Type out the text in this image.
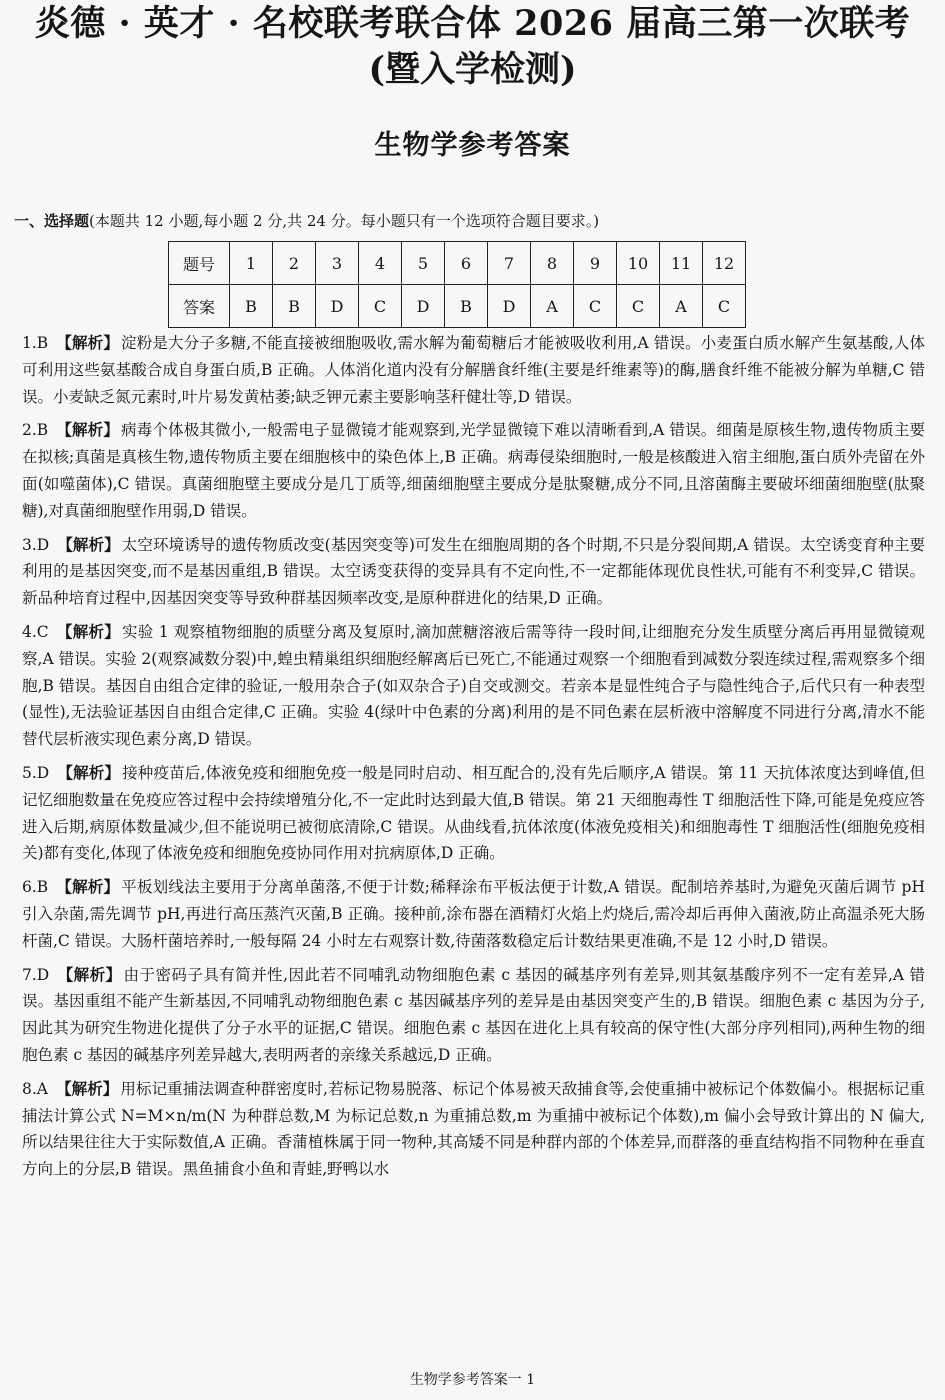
炎德 · 英才 · 名校联考联合体 2026 届高三第一次联考
(暨入学检测)
生物学参考答案
一、选择题(本题共 12 小题,每小题 2 分,共 24 分。每小题只有一个选项符合题目要求。)
题号	1	2	3	4	5	6	7	8	9	10	11	12
答案	B	B	D	C	D	B	D	A	C	C	A	C

1.B 【解析】 淀粉是大分子多糖,不能直接被细胞吸收,需水解为葡萄糖后才能被吸收利用,A 错误。小麦蛋白质水解产生氨基酸,人体可利用这些氨基酸合成自身蛋白质,B 正确。人体消化道内没有分解膳食纤维(主要是纤维素等)的酶,膳食纤维不能被分解为单糖,C 错误。小麦缺乏氮元素时,叶片易发黄枯萎;缺乏钾元素主要影响茎秆健壮等,D 错误。

2.B 【解析】 病毒个体极其微小,一般需电子显微镜才能观察到,光学显微镜下难以清晰看到,A 错误。细菌是原核生物,遗传物质主要在拟核;真菌是真核生物,遗传物质主要在细胞核中的染色体上,B 正确。病毒侵染细胞时,一般是核酸进入宿主细胞,蛋白质外壳留在外面(如噬菌体),C 错误。真菌细胞壁主要成分是几丁质等,细菌细胞壁主要成分是肽聚糖,成分不同,且溶菌酶主要破坏细菌细胞壁(肽聚糖),对真菌细胞壁作用弱,D 错误。

3.D 【解析】 太空环境诱导的遗传物质改变(基因突变等)可发生在细胞周期的各个时期,不只是分裂间期,A 错误。太空诱变育种主要利用的是基因突变,而不是基因重组,B 错误。太空诱变获得的变异具有不定向性,不一定都能体现优良性状,可能有不利变异,C 错误。新品种培育过程中,因基因突变等导致种群基因频率改变,是原种群进化的结果,D 正确。

4.C 【解析】 实验 1 观察植物细胞的质壁分离及复原时,滴加蔗糖溶液后需等待一段时间,让细胞充分发生质壁分离后再用显微镜观察,A 错误。实验 2(观察减数分裂)中,蝗虫精巢组织细胞经解离后已死亡,不能通过观察一个细胞看到减数分裂连续过程,需观察多个细胞,B 错误。基因自由组合定律的验证,一般用杂合子(如双杂合子)自交或测交。若亲本是显性纯合子与隐性纯合子,后代只有一种表型(显性),无法验证基因自由组合定律,C 正确。实验 4(绿叶中色素的分离)利用的是不同色素在层析液中溶解度不同进行分离,清水不能替代层析液实现色素分离,D 错误。

5.D 【解析】 接种疫苗后,体液免疫和细胞免疫一般是同时启动、相互配合的,没有先后顺序,A 错误。第 11 天抗体浓度达到峰值,但记忆细胞数量在免疫应答过程中会持续增殖分化,不一定此时达到最大值,B 错误。第 21 天细胞毒性 T 细胞活性下降,可能是免疫应答进入后期,病原体数量减少,但不能说明已被彻底清除,C 错误。从曲线看,抗体浓度(体液免疫相关)和细胞毒性 T 细胞活性(细胞免疫相关)都有变化,体现了体液免疫和细胞免疫协同作用对抗病原体,D 正确。

6.B 【解析】 平板划线法主要用于分离单菌落,不便于计数;稀释涂布平板法便于计数,A 错误。配制培养基时,为避免灭菌后调节 pH 引入杂菌,需先调节 pH,再进行高压蒸汽灭菌,B 正确。接种前,涂布器在酒精灯火焰上灼烧后,需冷却后再伸入菌液,防止高温杀死大肠杆菌,C 错误。大肠杆菌培养时,一般每隔 24 小时左右观察计数,待菌落数稳定后计数结果更准确,不是 12 小时,D 错误。

7.D 【解析】 由于密码子具有简并性,因此若不同哺乳动物细胞色素 c 基因的碱基序列有差异,则其氨基酸序列不一定有差异,A 错误。基因重组不能产生新基因,不同哺乳动物细胞色素 c 基因碱基序列的差异是由基因突变产生的,B 错误。细胞色素 c 基因为分子,因此其为研究生物进化提供了分子水平的证据,C 错误。细胞色素 c 基因在进化上具有较高的保守性(大部分序列相同),两种生物的细胞色素 c 基因的碱基序列差异越大,表明两者的亲缘关系越远,D 正确。

8.A 【解析】 用标记重捕法调查种群密度时,若标记物易脱落、标记个体易被天敌捕食等,会使重捕中被标记个体数偏小。根据标记重捕法计算公式 N=M×n/m(N 为种群总数,M 为标记总数,n 为重捕总数,m 为重捕中被标记个体数),m 偏小会导致计算出的 N 偏大,所以结果往往大于实际数值,A 正确。香蒲植株属于同一物种,其高矮不同是种群内部的个体差异,而群落的垂直结构指不同物种在垂直方向上的分层,B 错误。黑鱼捕食小鱼和青蛙,野鸭以水

生物学参考答案一 1
